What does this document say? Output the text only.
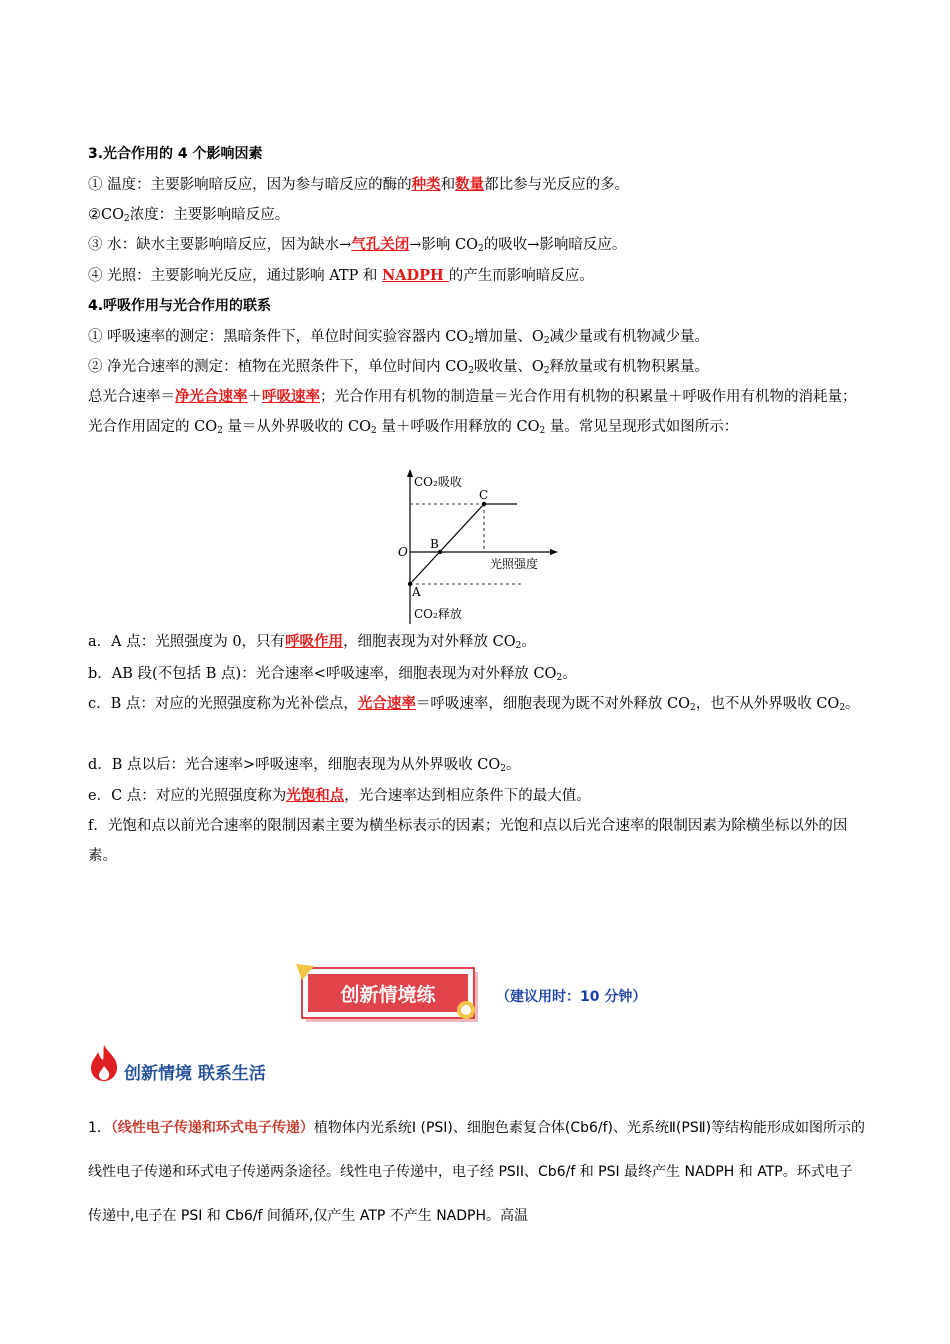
3.光合作用的 4 个影响因素
① 温度：主要影响暗反应，因为参与暗反应的酶的种类和数量都比参与光反应的多。
$②CO_2$浓度：主要影响暗反应。
③ 水：缺水主要影响暗反应，因为缺水→气孔关闭→影响 $CO_2$的吸收→影响暗反应。
④ 光照：主要影响光反应，通过影响 ATP 和 NADPH 的产生而影响暗反应。
4.呼吸作用与光合作用的联系
① 呼吸速率的测定：黑暗条件下，单位时间实验容器内 $CO_2$增加量、$O_2$减少量或有机物减少量。
② 净光合速率的测定：植物在光照条件下，单位时间内 $CO_2$吸收量、$O_2$释放量或有机物积累量。
总光合速率＝净光合速率＋呼吸速率；光合作用有机物的制造量＝光合作用有机物的积累量＋呼吸作用有机物的消耗量；光合作用固定的 $CO_2$ 量＝从外界吸收的 $CO_2$ 量＋呼吸作用释放的 $CO_2$ 量。常见呈现形式如图所示：
CO₂吸收
CO₂释放
光照强度
O
A
B
C
a．A 点：光照强度为 0，只有呼吸作用，细胞表现为对外释放 $CO_2$。
b．AB 段(不包括 B 点)：光合速率<呼吸速率，细胞表现为对外释放 $CO_2$。
c．B 点：对应的光照强度称为光补偿点，光合速率＝呼吸速率，细胞表现为既不对外释放 $CO_2$，也不从外界吸收 $CO_2$。
d．B 点以后：光合速率>呼吸速率，细胞表现为从外界吸收 $CO_2$。
e．C 点：对应的光照强度称为光饱和点，光合速率达到相应条件下的最大值。
f．光饱和点以前光合速率的限制因素主要为横坐标表示的因素；光饱和点以后光合速率的限制因素为除横坐标以外的因素。
创新情境练	（建议用时：10 分钟）
创新情境 联系生活
1．（线性电子传递和环式电子传递）植物体内光系统Ⅰ (PSⅠ)、细胞色素复合体(Cb6/f)、光系统Ⅱ(PSⅡ)等结构能形成如图所示的线性电子传递和环式电子传递两条途径。线性电子传递中，电子经 PSII、Cb6/f 和 PSI 最终产生 NADPH 和 ATP。环式电子传递中,电子在 PSI 和 Cb6/f 间循环,仅产生 ATP 不产生 NADPH。高温
